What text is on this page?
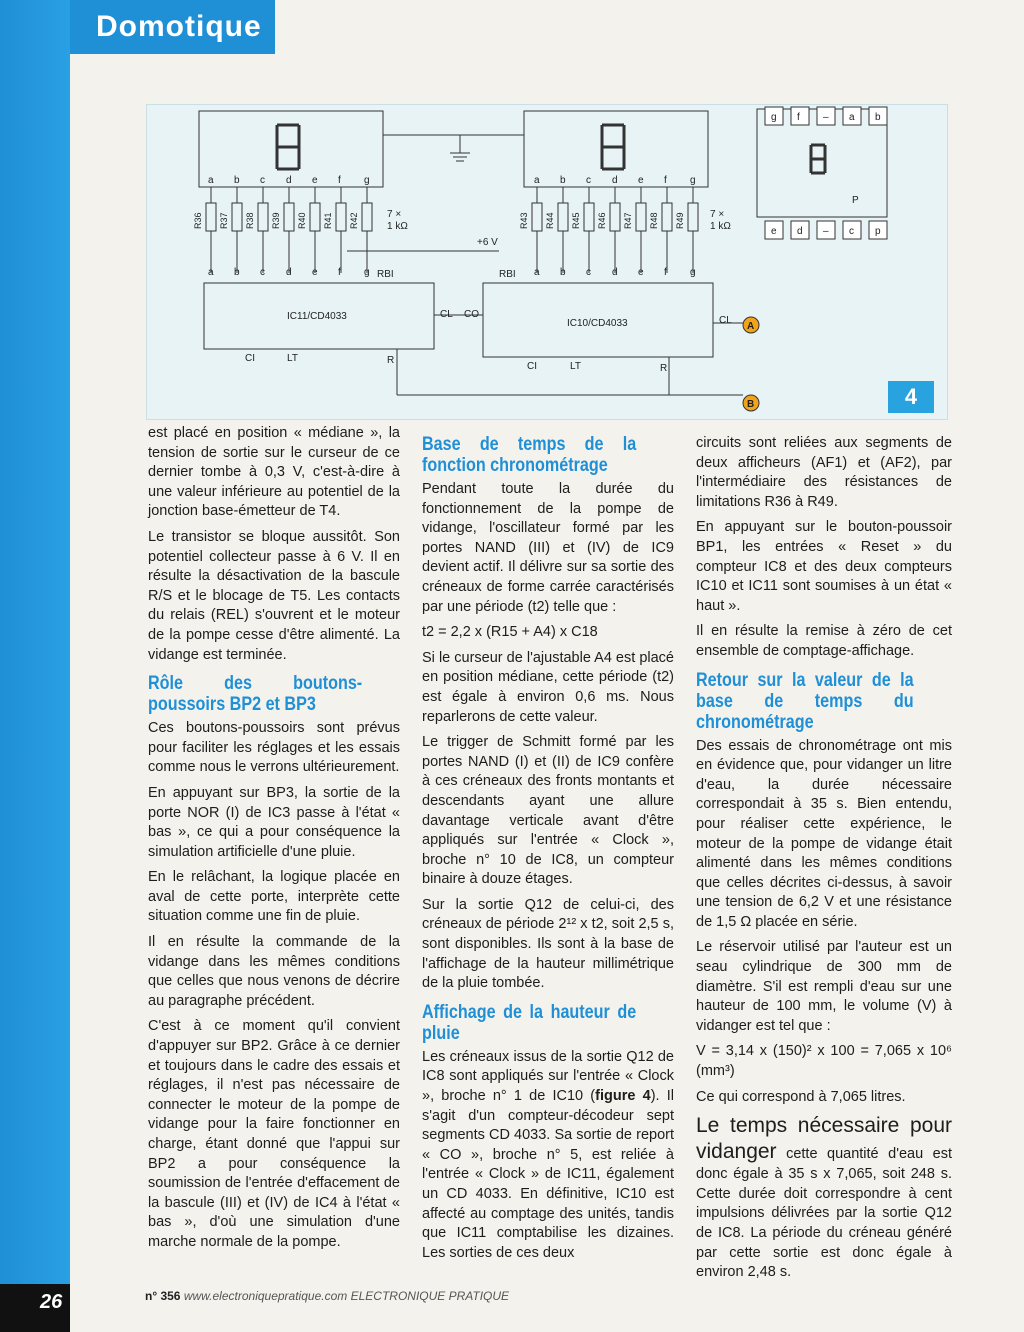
Domotique
R36 R37 R38 R39 R40 R41 R42	R43 R44 R45 R46 R47 R48 R49
a
a
b
b
c
c
d
d
e
e
f
f
g
g
a
a
b
b
c
c
d
d
e
e
f
f
g
g
g f – a b
e d – c p
+6 V
IC11/CD4033
IC10/CD4033
7 ×
1 kΩ
7 ×
1 kΩ
RBI	RBI
CL CO
CL
CI	LT	R
CI	LT	R
P
A
B	4

est placé en position « médiane », la tension de sortie sur le curseur de ce dernier tombe à 0,3 V, c'est-à-dire à une valeur inférieure au potentiel de la jonction base-émetteur de T4.

Le transistor se bloque aussitôt. Son potentiel collecteur passe à 6 V. Il en résulte la désactivation de la bascule R/S et le blocage de T5. Les contacts du relais (REL) s'ouvrent et le moteur de la pompe cesse d'être alimenté. La vidange est terminée.

Rôle des boutons-poussoirs BP2 et BP3

Ces boutons-poussoirs sont prévus pour faciliter les réglages et les essais comme nous le verrons ultérieurement.

En appuyant sur BP3, la sortie de la porte NOR (I) de IC3 passe à l'état « bas », ce qui a pour conséquence la simulation artificielle d'une pluie.

En le relâchant, la logique placée en aval de cette porte, interprète cette situation comme une fin de pluie.

Il en résulte la commande de la vidange dans les mêmes conditions que celles que nous venons de décrire au paragraphe précédent.

C'est à ce moment qu'il convient d'appuyer sur BP2. Grâce à ce dernier et toujours dans le cadre des essais et réglages, il n'est pas nécessaire de connecter le moteur de la pompe de vidange pour la faire fonctionner en charge, étant donné que l'appui sur BP2 a pour conséquence la soumission de l'entrée d'effacement de la bascule (III) et (IV) de IC4 à l'état « bas », d'où une simulation d'une marche normale de la pompe.

Base de temps de la fonction chronométrage

Pendant toute la durée du fonctionnement de la pompe de vidange, l'oscillateur formé par les portes NAND (III) et (IV) de IC9 devient actif. Il délivre sur sa sortie des créneaux de forme carrée caractérisés par une période (t2) telle que :

t2 = 2,2 x (R15 + A4) x C18

Si le curseur de l'ajustable A4 est placé en position médiane, cette période (t2) est égale à environ 0,6 ms. Nous reparlerons de cette valeur.

Le trigger de Schmitt formé par les portes NAND (I) et (II) de IC9 confère à ces créneaux des fronts montants et descendants ayant une allure davantage verticale avant d'être appliqués sur l'entrée « Clock », broche n° 10 de IC8, un compteur binaire à douze étages.

Sur la sortie Q12 de celui-ci, des créneaux de période 2¹² x t2, soit 2,5 s, sont disponibles. Ils sont à la base de l'affichage de la hauteur millimétrique de la pluie tombée.

Affichage de la hauteur de pluie

Les créneaux issus de la sortie Q12 de IC8 sont appliqués sur l'entrée « Clock », broche n° 1 de IC10 (figure 4). Il s'agit d'un compteur-décodeur sept segments CD 4033. Sa sortie de report « CO », broche n° 5, est reliée à l'entrée « Clock » de IC11, également un CD 4033. En définitive, IC10 est affecté au comptage des unités, tandis que IC11 comptabilise les dizaines. Les sorties de ces deux

circuits sont reliées aux segments de deux afficheurs (AF1) et (AF2), par l'intermédiaire des résistances de limitations R36 à R49.

En appuyant sur le bouton-poussoir BP1, les entrées « Reset » du compteur IC8 et des deux compteurs IC10 et IC11 sont soumises à un état « haut ».

Il en résulte la remise à zéro de cet ensemble de comptage-affichage.

Retour sur la valeur de la base de temps du chronométrage

Des essais de chronométrage ont mis en évidence que, pour vidanger un litre d'eau, la durée nécessaire correspondait à 35 s. Bien entendu, pour réaliser cette expérience, le moteur de la pompe de vidange était alimenté dans les mêmes conditions que celles décrites ci-dessus, à savoir une tension de 6,2 V et une résistance de 1,5 Ω placée en série.

Le réservoir utilisé par l'auteur est un seau cylindrique de 300 mm de diamètre. S'il est rempli d'eau sur une hauteur de 100 mm, le volume (V) à vidanger est tel que :

V = 3,14 x (150)² x 100 = 7,065 x 10⁶ (mm³)

Ce qui correspond à 7,065 litres.

Le temps nécessaire pour vidanger cette quantité d'eau est donc égale à 35 s x 7,065, soit 248 s. Cette durée doit correspondre à cent impulsions délivrées par la sortie Q12 de IC8. La période du créneau généré par cette sortie est donc égale à environ 2,48 s.

26	n° 356 www.electroniquepratique.com ELECTRONIQUE PRATIQUE
